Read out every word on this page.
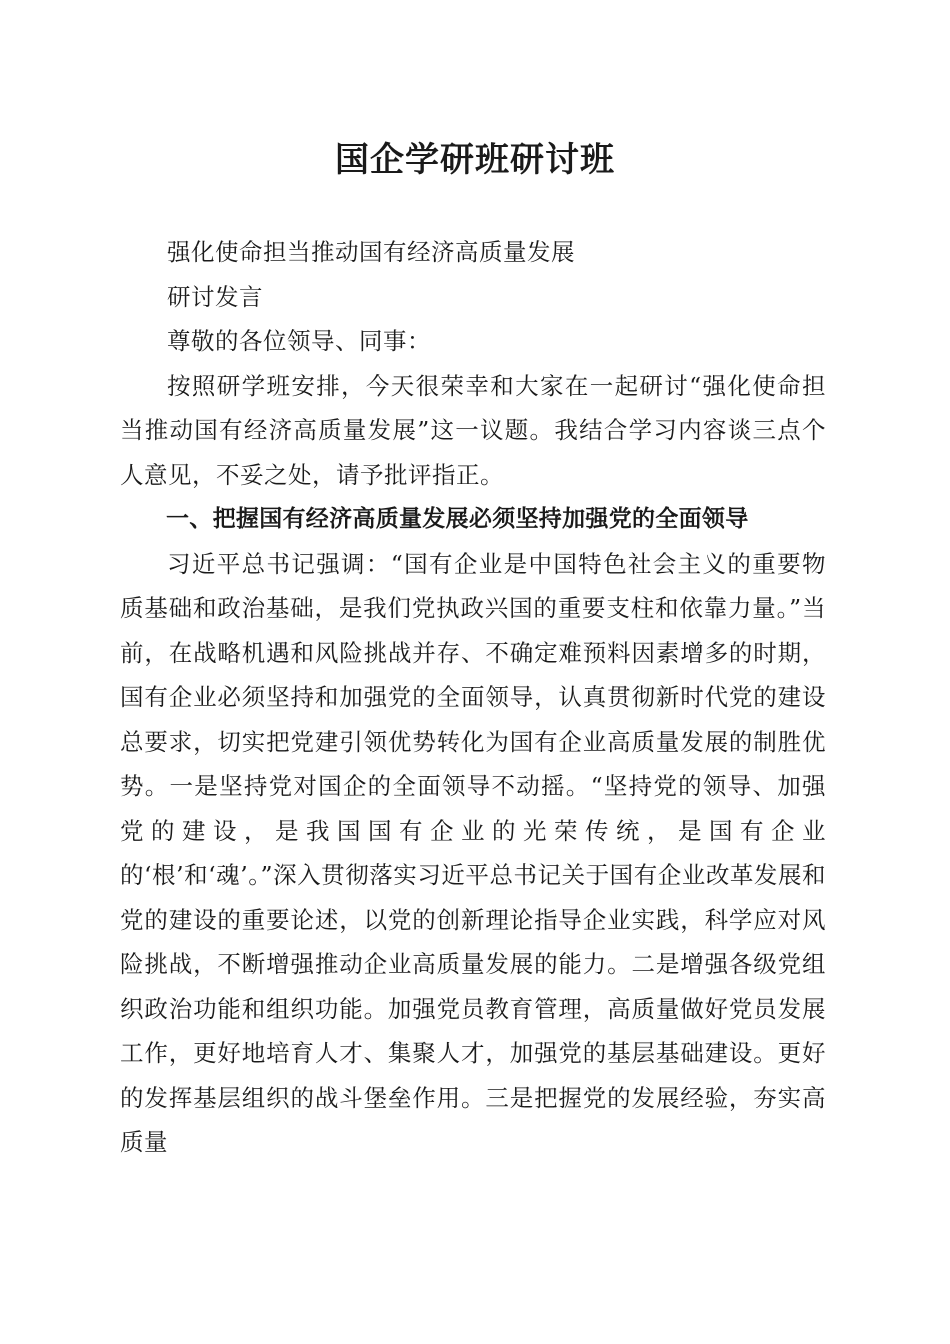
国企学研班研讨班

强化使命担当推动国有经济高质量发展

研讨发言

尊敬的各位领导、同事：

按照研学班安排，今天很荣幸和大家在一起研讨“强化使命担当推动国有经济高质量发展”这一议题。我结合学习内容谈三点个人意见，不妥之处，请予批评指正。

一、把握国有经济高质量发展必须坚持加强党的全面领导

习近平总书记强调：“国有企业是中国特色社会主义的重要物质基础和政治基础，是我们党执政兴国的重要支柱和依靠力量。”当前，在战略机遇和风险挑战并存、不确定难预料因素增多的时期，国有企业必须坚持和加强党的全面领导，认真贯彻新时代党的建设总要求，切实把党建引领优势转化为国有企业高质量发展的制胜优势。一是坚持党对国企的全面领导不动摇。“坚持党的领导、加强党的建设，是我国国有企业的光荣传统，是国有企业的‘根’和‘魂’。”深入贯彻落实习近平总书记关于国有企业改革发展和党的建设的重要论述，以党的创新理论指导企业实践，科学应对风险挑战，不断增强推动企业高质量发展的能力。二是增强各级党组织政治功能和组织功能。加强党员教育管理，高质量做好党员发展工作，更好地培育人才、集聚人才，加强党的基层基础建设。更好的发挥基层组织的战斗堡垒作用。三是把握党的发展经验，夯实高质量
